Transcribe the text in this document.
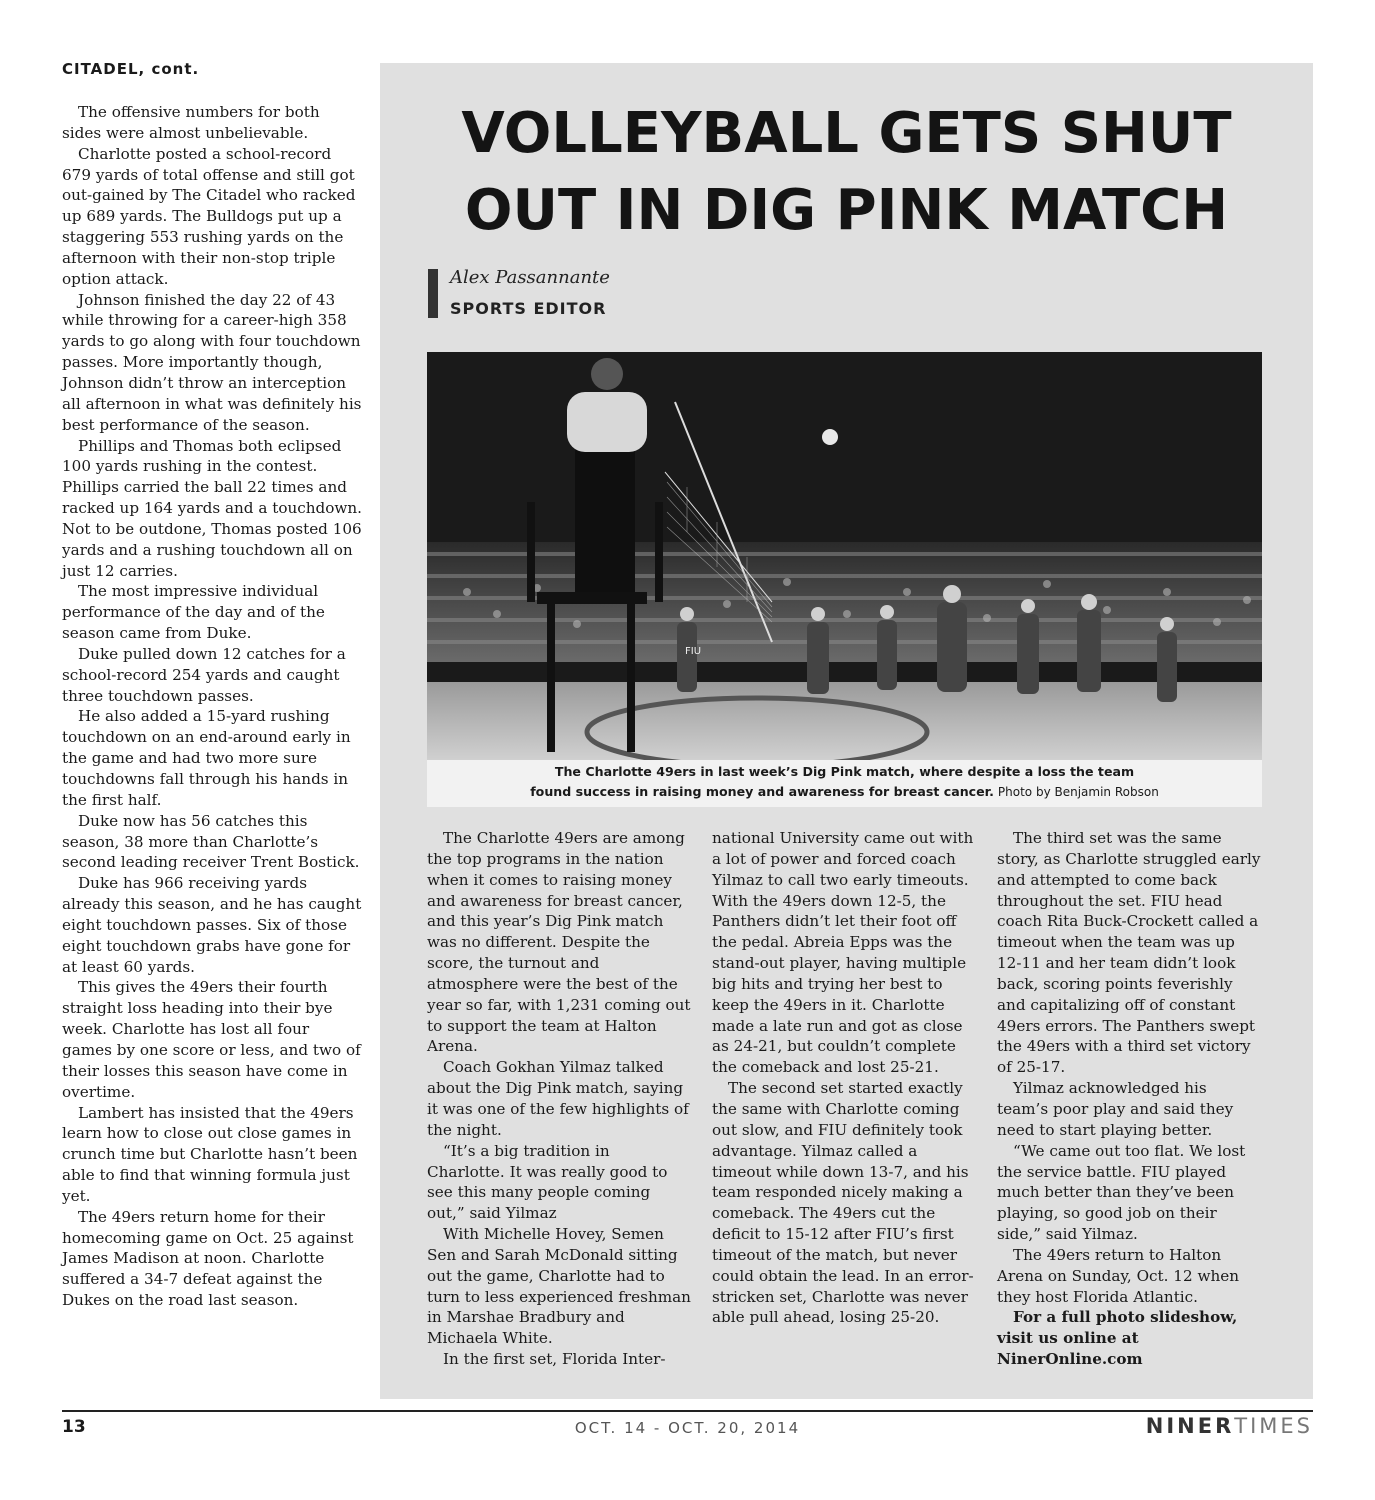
CITADEL, cont.

The offensive numbers for both sides were almost unbelievable.

Charlotte posted a school-record 679 yards of total offense and still got out-gained by The Citadel who racked up 689 yards. The Bulldogs put up a staggering 553 rushing yards on the afternoon with their non-stop triple option attack.

Johnson finished the day 22 of 43 while throwing for a career-high 358 yards to go along with four touchdown passes. More importantly though, Johnson didn’t throw an interception all afternoon in what was definitely his best performance of the season.

Phillips and Thomas both eclipsed 100 yards rushing in the contest. Phillips carried the ball 22 times and racked up 164 yards and a touchdown. Not to be outdone, Thomas posted 106 yards and a rushing touchdown all on just 12 carries.

The most impressive individual performance of the day and of the season came from Duke.

Duke pulled down 12 catches for a school-record 254 yards and caught three touchdown passes.

He also added a 15-yard rushing touchdown on an end-around early in the game and had two more sure touchdowns fall through his hands in the first half.

Duke now has 56 catches this season, 38 more than Charlotte’s second leading receiver Trent Bostick.

Duke has 966 receiving yards already this season, and he has caught eight touchdown passes. Six of those eight touchdown grabs have gone for at least 60 yards.

This gives the 49ers their fourth straight loss heading into their bye week. Charlotte has lost all four games by one score or less, and two of their losses this season have come in overtime.

Lambert has insisted that the 49ers learn how to close out close games in crunch time but Charlotte hasn’t been able to find that winning formula just yet.

The 49ers return home for their homecoming game on Oct. 25 against James Madison at noon. Charlotte suffered a 34-7 defeat against the Dukes on the road last season.

VOLLEYBALL GETS SHUT
OUT IN DIG PINK MATCH
Alex Passannante
SPORTS EDITOR
FIU
The Charlotte 49ers in last week’s Dig Pink match, where despite a loss the team
found success in raising money and awareness for breast cancer. Photo by Benjamin Robson

The Charlotte 49ers are among the top programs in the nation when it comes to raising money and awareness for breast cancer, and this year’s Dig Pink match was no different. Despite the score, the turnout and atmosphere were the best of the year so far, with 1,231 coming out to support the team at Halton Arena.

Coach Gokhan Yilmaz talked about the Dig Pink match, saying it was one of the few highlights of the night.

“It’s a big tradition in Charlotte. It was really good to see this many people coming out,” said Yilmaz

With Michelle Hovey, Semen Sen and Sarah McDonald sitting out the game, Charlotte had to turn to less experienced freshman in Marshae Bradbury and Michaela White.

In the first set, Florida Inter-

national University came out with a lot of power and forced coach Yilmaz to call two early timeouts. With the 49ers down 12-5, the Panthers didn’t let their foot off the pedal. Abreia Epps was the stand-out player, having multiple big hits and trying her best to keep the 49ers in it. Charlotte made a late run and got as close as 24-21, but couldn’t complete the comeback and lost 25-21.

The second set started exactly the same with Charlotte coming out slow, and FIU definitely took advantage. Yilmaz called a timeout while down 13-7, and his team responded nicely making a comeback. The 49ers cut the deficit to 15-12 after FIU’s first timeout of the match, but never could obtain the lead. In an error-stricken set, Charlotte was never able pull ahead, losing 25-20.

The third set was the same story, as Charlotte struggled early and attempted to come back throughout the set. FIU head coach Rita Buck-Crockett called a timeout when the team was up 12-11 and her team didn’t look back, scoring points feverishly and capitalizing off of constant 49ers errors. The Panthers swept the 49ers with a third set victory of 25-17.

Yilmaz acknowledged his team’s poor play and said they need to start playing better.

“We came out too flat. We lost the service battle. FIU played much better than they’ve been playing, so good job on their side,” said Yilmaz.

The 49ers return to Halton Arena on Sunday, Oct. 12 when they host Florida Atlantic.

For a full photo slideshow, visit us online at NinerOnline.com

13	OCT. 14 - OCT. 20, 2014	NINERTIMES
